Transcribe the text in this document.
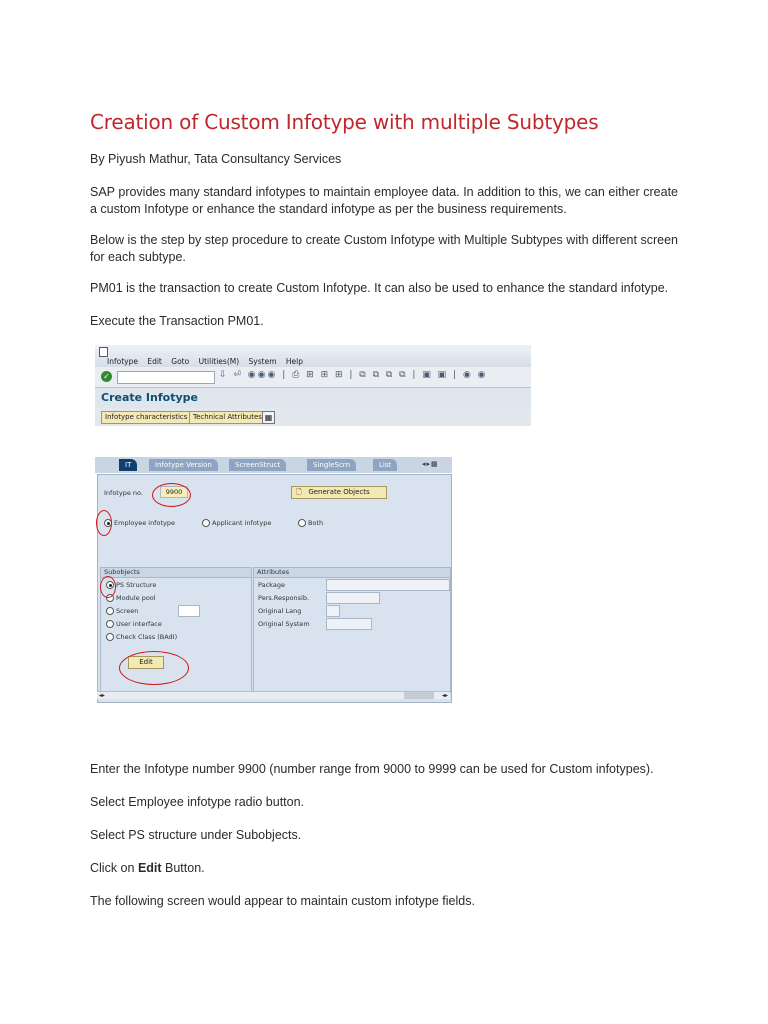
Creation of Custom Infotype with multiple Subtypes

By Piyush Mathur, Tata Consultancy Services

SAP provides many standard infotypes to maintain employee data. In addition to this, we can either create a custom Infotype or enhance the standard infotype as per the business requirements.

Below is the step by step procedure to create Custom Infotype with Multiple Subtypes with different screen for each subtype.

PM01 is the transaction to create Custom Infotype. It can also be used to enhance the standard infotype.

Execute the Transaction PM01.

Infotype Edit Goto Utilities(M) System Help
✓	⇩ ⏎ ◉◉◉ | ⎙ ⊞ ⊞ ⊞ | ⧉ ⧉ ⧉ ⧉ | ▣ ▣ | ◉ ◉
Create Infotype
Infotype characteristics Technical Attributes ▦
IT	Infotype Version	ScreenStruct	SingleScrn	List	◂▸▦
Infotype no.	9900	🗋 Generate Objects
Employee infotype	Applicant infotype	Both
Subobjects
PS Structure
Module pool
Screen
User interface
Check Class (BAdI)
Edit
Attributes
Package
Pers.Responsib.
Original Lang
Original System
◂▸	◂▸

Enter the Infotype number 9900 (number range from 9000 to 9999 can be used for Custom infotypes).

Select Employee infotype radio button.

Select PS structure under Subobjects.

Click on Edit Button.

The following screen would appear to maintain custom infotype fields.
